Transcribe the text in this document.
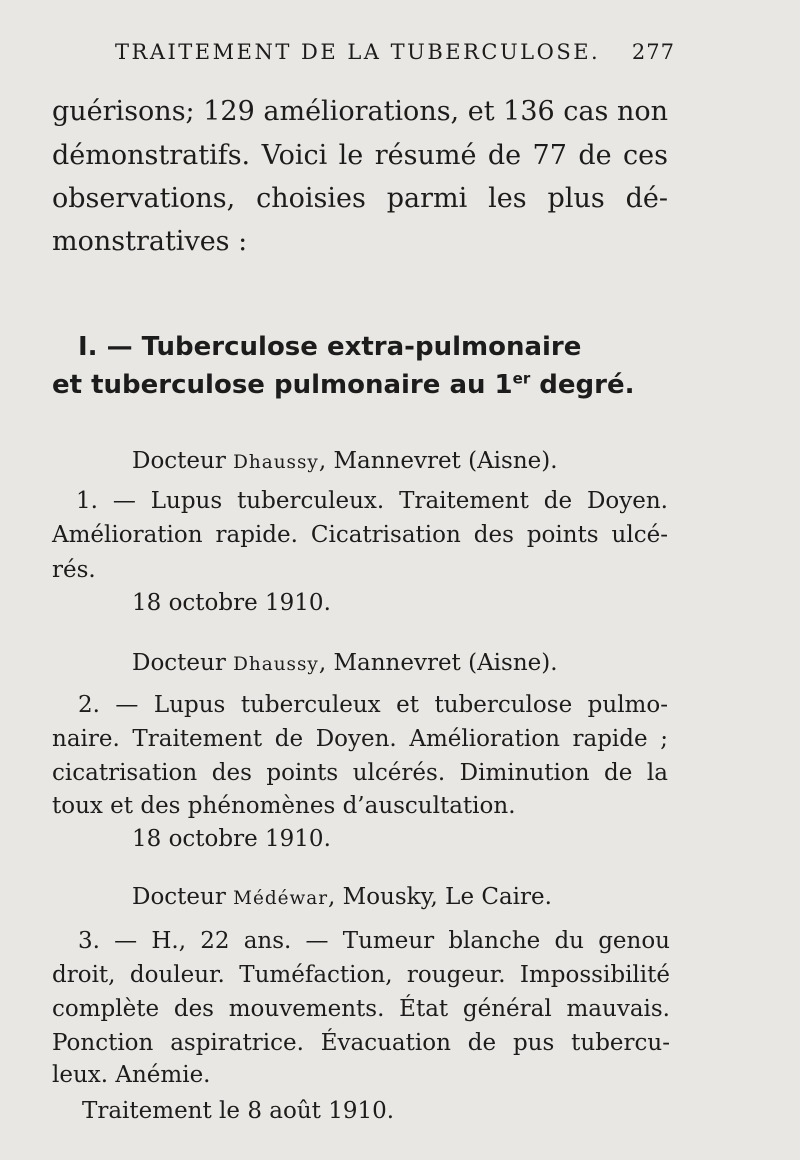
TRAITEMENT DE LA TUBERCULOSE. 277
guérisons; 129 améliorations, et 136 cas non
démonstratifs. Voici le résumé de 77 de ces
observations, choisies parmi les plus dé-
monstratives :
I. — Tuberculose extra-pulmonaire
et tuberculose pulmonaire au 1er degré.
Docteur Dhaussy, Mannevret (Aisne).
1. — Lupus tuberculeux. Traitement de Doyen.
Amélioration rapide. Cicatrisation des points ulcé-
rés.
18 octobre 1910.
Docteur Dhaussy, Mannevret (Aisne).
2. — Lupus tuberculeux et tuberculose pulmo-
naire. Traitement de Doyen. Amélioration rapide ;
cicatrisation des points ulcérés. Diminution de la
toux et des phénomènes d’auscultation.
18 octobre 1910.
Docteur Médéwar, Mousky, Le Caire.
3. — H., 22 ans. — Tumeur blanche du genou
droit, douleur. Tuméfaction, rougeur. Impossibilité
complète des mouvements. État général mauvais.
Ponction aspiratrice. Évacuation de pus tubercu-
leux. Anémie.
Traitement le 8 août 1910.
